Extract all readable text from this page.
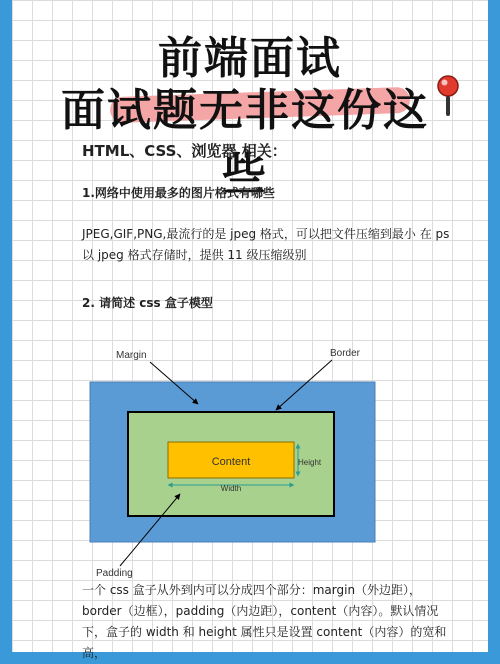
前端面试
面试题无非这份这些
HTML、CSS、浏览器 相关：
1.网络中使用最多的图片格式有哪些
JPEG,GIF,PNG,最流行的是 jpeg 格式，可以把文件压缩到最小 在 ps 以 jpeg 格式存储时，提供 11 级压缩级别
2. 请简述 css 盒子模型
Content	Height
Width
Margin	Border
Padding
一个 css 盒子从外到内可以分成四个部分：margin（外边距），border（边框），padding（内边距），content（内容）。默认情况下，盒子的 width 和 height 属性只是设置 content（内容）的宽和高，
